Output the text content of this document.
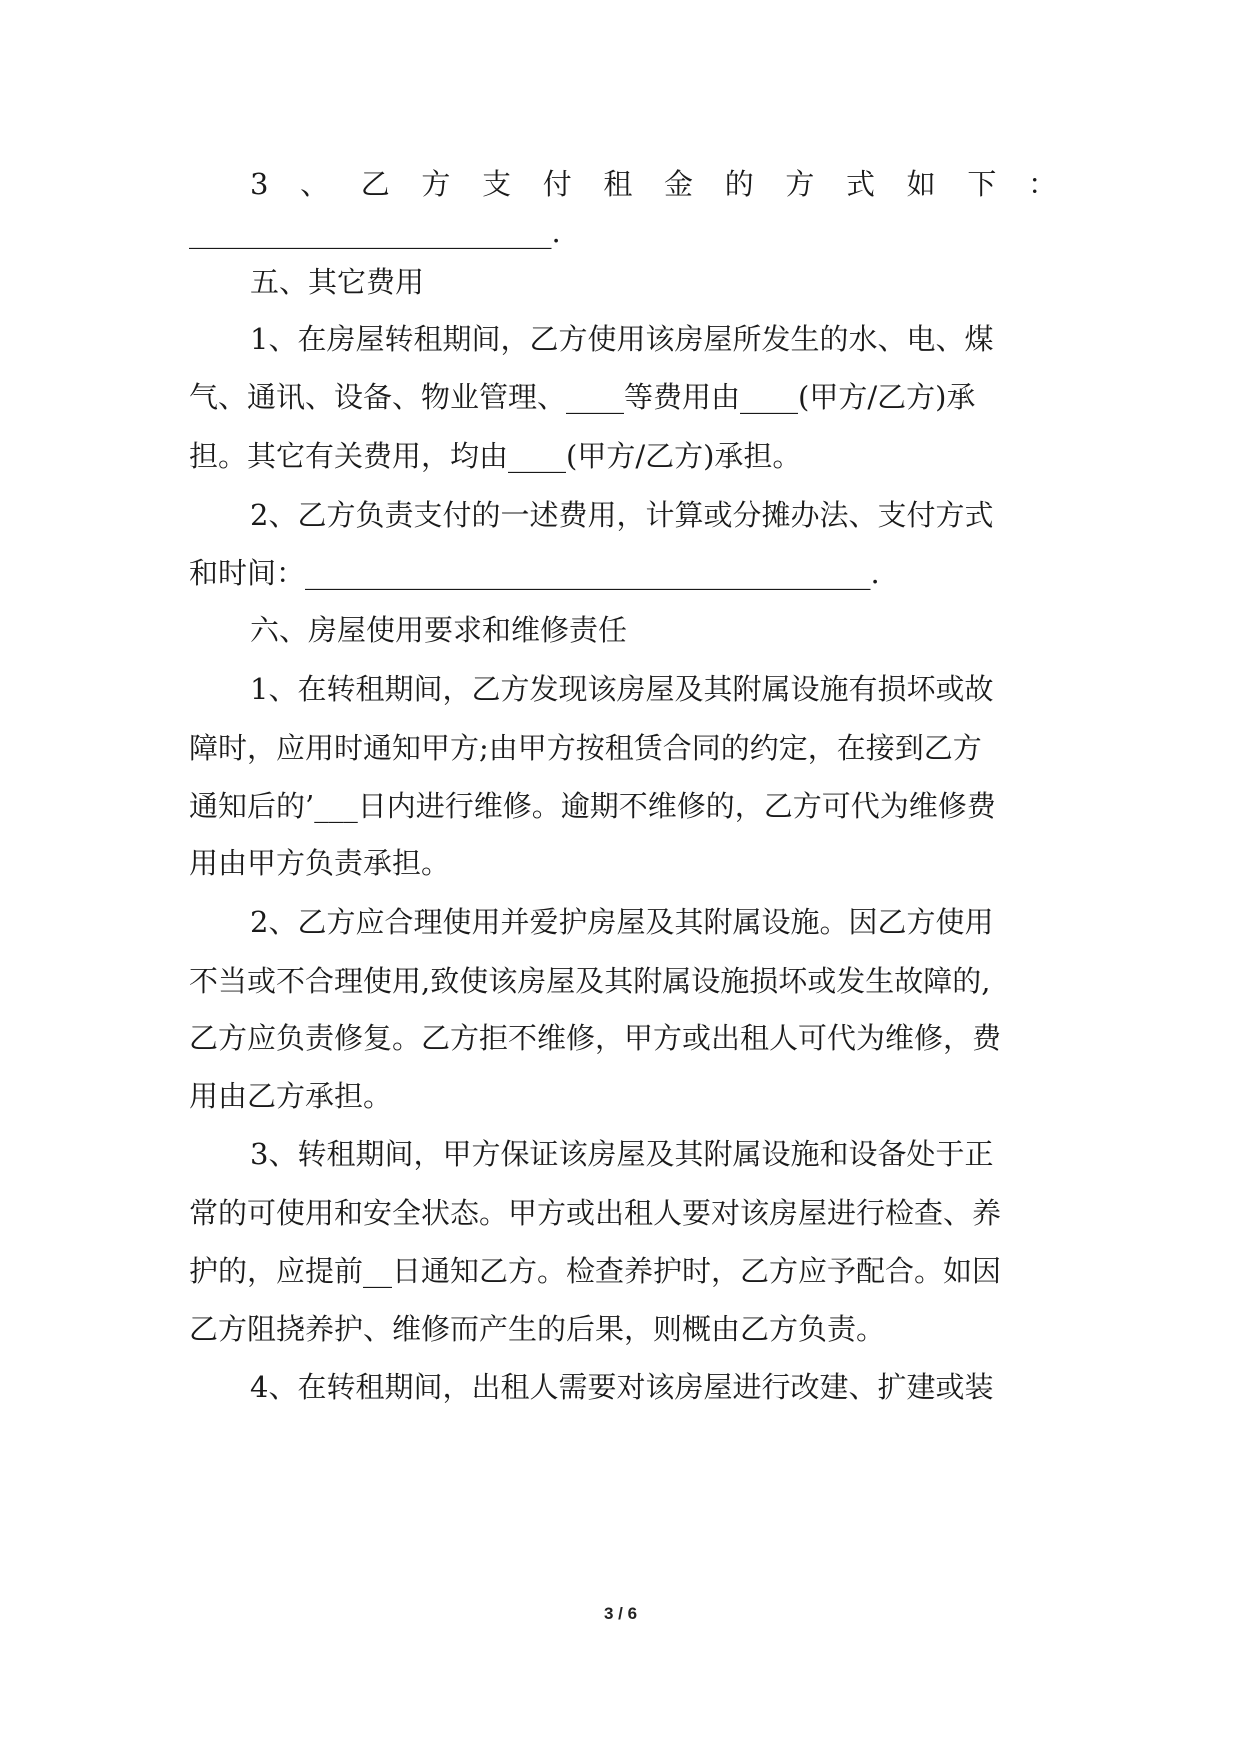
3 、 乙 方 支 付 租 金 的 方 式 如 下 ：
_________________________.
五、其它费用
1、在房屋转租期间，乙方使用该房屋所发生的水、电、煤
气、通讯、设备、物业管理、____等费用由____(甲方/乙方)承
担。其它有关费用，均由____(甲方/乙方)承担。
2、乙方负责支付的一述费用，计算或分摊办法、支付方式
和时间：_______________________________________.
六、房屋使用要求和维修责任
1、在转租期间，乙方发现该房屋及其附属设施有损坏或故
障时，应用时通知甲方;由甲方按租赁合同的约定，在接到乙方
通知后的’___日内进行维修。逾期不维修的，乙方可代为维修费
用由甲方负责承担。
2、乙方应合理使用并爱护房屋及其附属设施。因乙方使用
不当或不合理使用,致使该房屋及其附属设施损坏或发生故障的,
乙方应负责修复。乙方拒不维修，甲方或出租人可代为维修，费
用由乙方承担。
3、转租期间，甲方保证该房屋及其附属设施和设备处于正
常的可使用和安全状态。甲方或出租人要对该房屋进行检查、养
护的，应提前__日通知乙方。检查养护时，乙方应予配合。如因
乙方阻挠养护、维修而产生的后果，则概由乙方负责。
4、在转租期间，出租人需要对该房屋进行改建、扩建或装
3 / 6
